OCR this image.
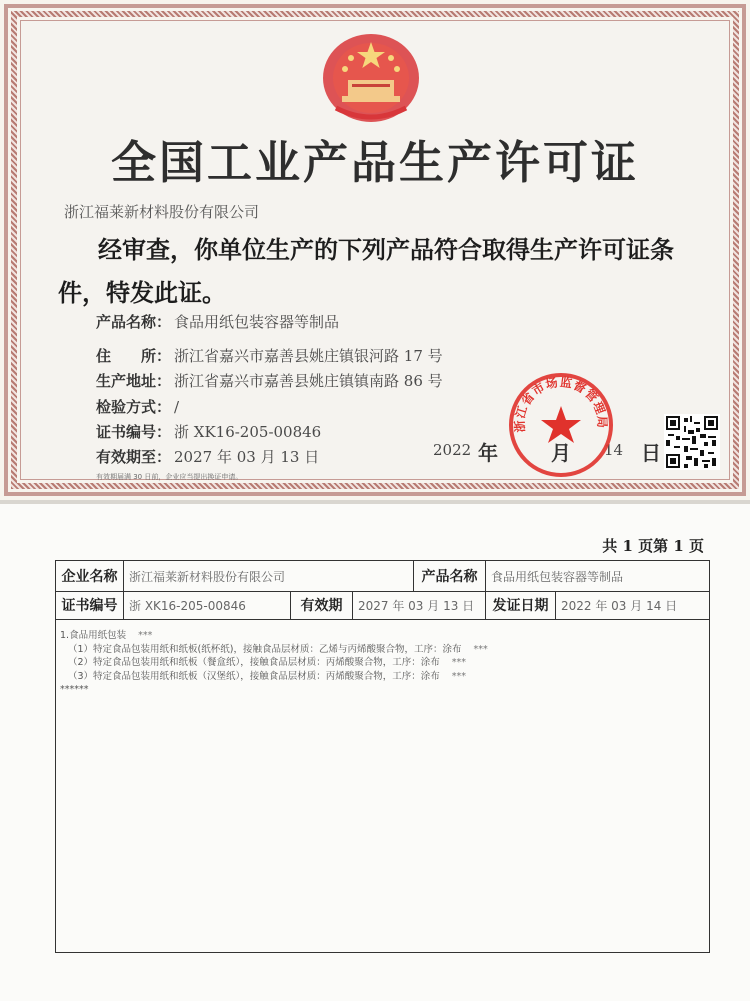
全国工业产品生产许可证
浙江福莱新材料股份有限公司
经审查，你单位生产的下列产品符合取得生产许可证条件，特发此证。
产品名称： 食品用纸包装容器等制品
住　　所： 浙江省嘉兴市嘉善县姚庄镇银河路 17 号
生产地址： 浙江省嘉兴市嘉善县姚庄镇镇南路 86 号
检验方式： /
证书编号： 浙 XK16-205-00846
有效期至： 2027 年 03 月 13 日
有效期届满 30 日前，企业应当提出换证申请。
2022 年	月 14 日
浙江省市场监督管理局
共 1 页第 1 页
企业名称 浙江福莱新材料股份有限公司	产品名称	食品用纸包装容器等制品
证书编号 浙 XK16-205-00846	有效期	2027 年 03 月 13 日	发证日期	2022 年 03 月 14 日
1.食品用纸包装 ***
（1）特定食品包装用纸和纸板(纸杯纸)，接触食品层材质：乙烯与丙烯酸聚合物，工序：涂布 ***
（2）特定食品包装用纸和纸板（餐盒纸），接触食品层材质：丙烯酸聚合物，工序：涂布 ***
（3）特定食品包装用纸和纸板（汉堡纸），接触食品层材质：丙烯酸聚合物，工序：涂布 ***
******
